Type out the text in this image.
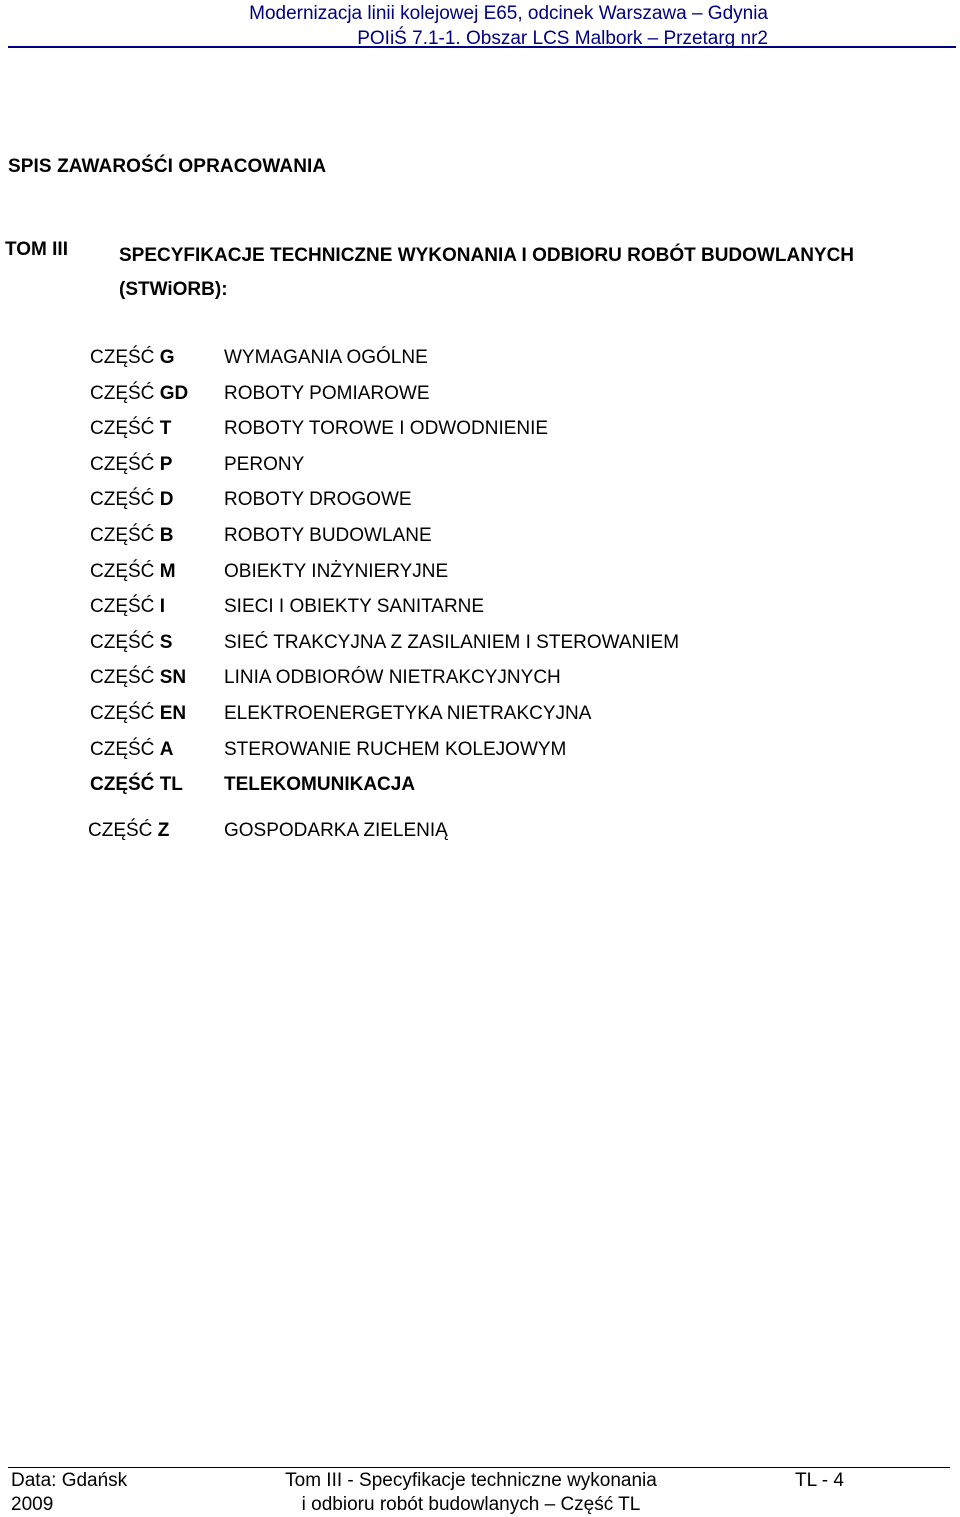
Modernizacja linii kolejowej E65, odcinek Warszawa – Gdynia
POIiŚ 7.1-1. Obszar LCS Malbork – Przetarg nr2
SPIS ZAWAROŚĆI OPRACOWANIA
TOM III	SPECYFIKACJE TECHNICZNE WYKONANIA I ODBIORU ROBÓT BUDOWLANYCH
(STWiORB):
CZĘŚĆ G	WYMAGANIA OGÓLNE
CZĘŚĆ GD ROBOTY POMIAROWE
CZĘŚĆ T	ROBOTY TOROWE I ODWODNIENIE
CZĘŚĆ P	PERONY
CZĘŚĆ D	ROBOTY DROGOWE
CZĘŚĆ B	ROBOTY BUDOWLANE
CZĘŚĆ M	OBIEKTY INŻYNIERYJNE
CZĘŚĆ I	SIECI I OBIEKTY SANITARNE
CZĘŚĆ S	SIEĆ TRAKCYJNA Z ZASILANIEM I STEROWANIEM
CZĘŚĆ SN LINIA ODBIORÓW NIETRAKCYJNYCH
CZĘŚĆ EN ELEKTROENERGETYKA NIETRAKCYJNA
CZĘŚĆ A	STEROWANIE RUCHEM KOLEJOWYM
CZĘŚĆ TL TELEKOMUNIKACJA
CZĘŚĆ Z	GOSPODARKA ZIELENIĄ
Data: Gdańsk
2009
Tom III - Specyfikacje techniczne wykonania
i odbioru robót budowlanych – Część TL
TL - 4
